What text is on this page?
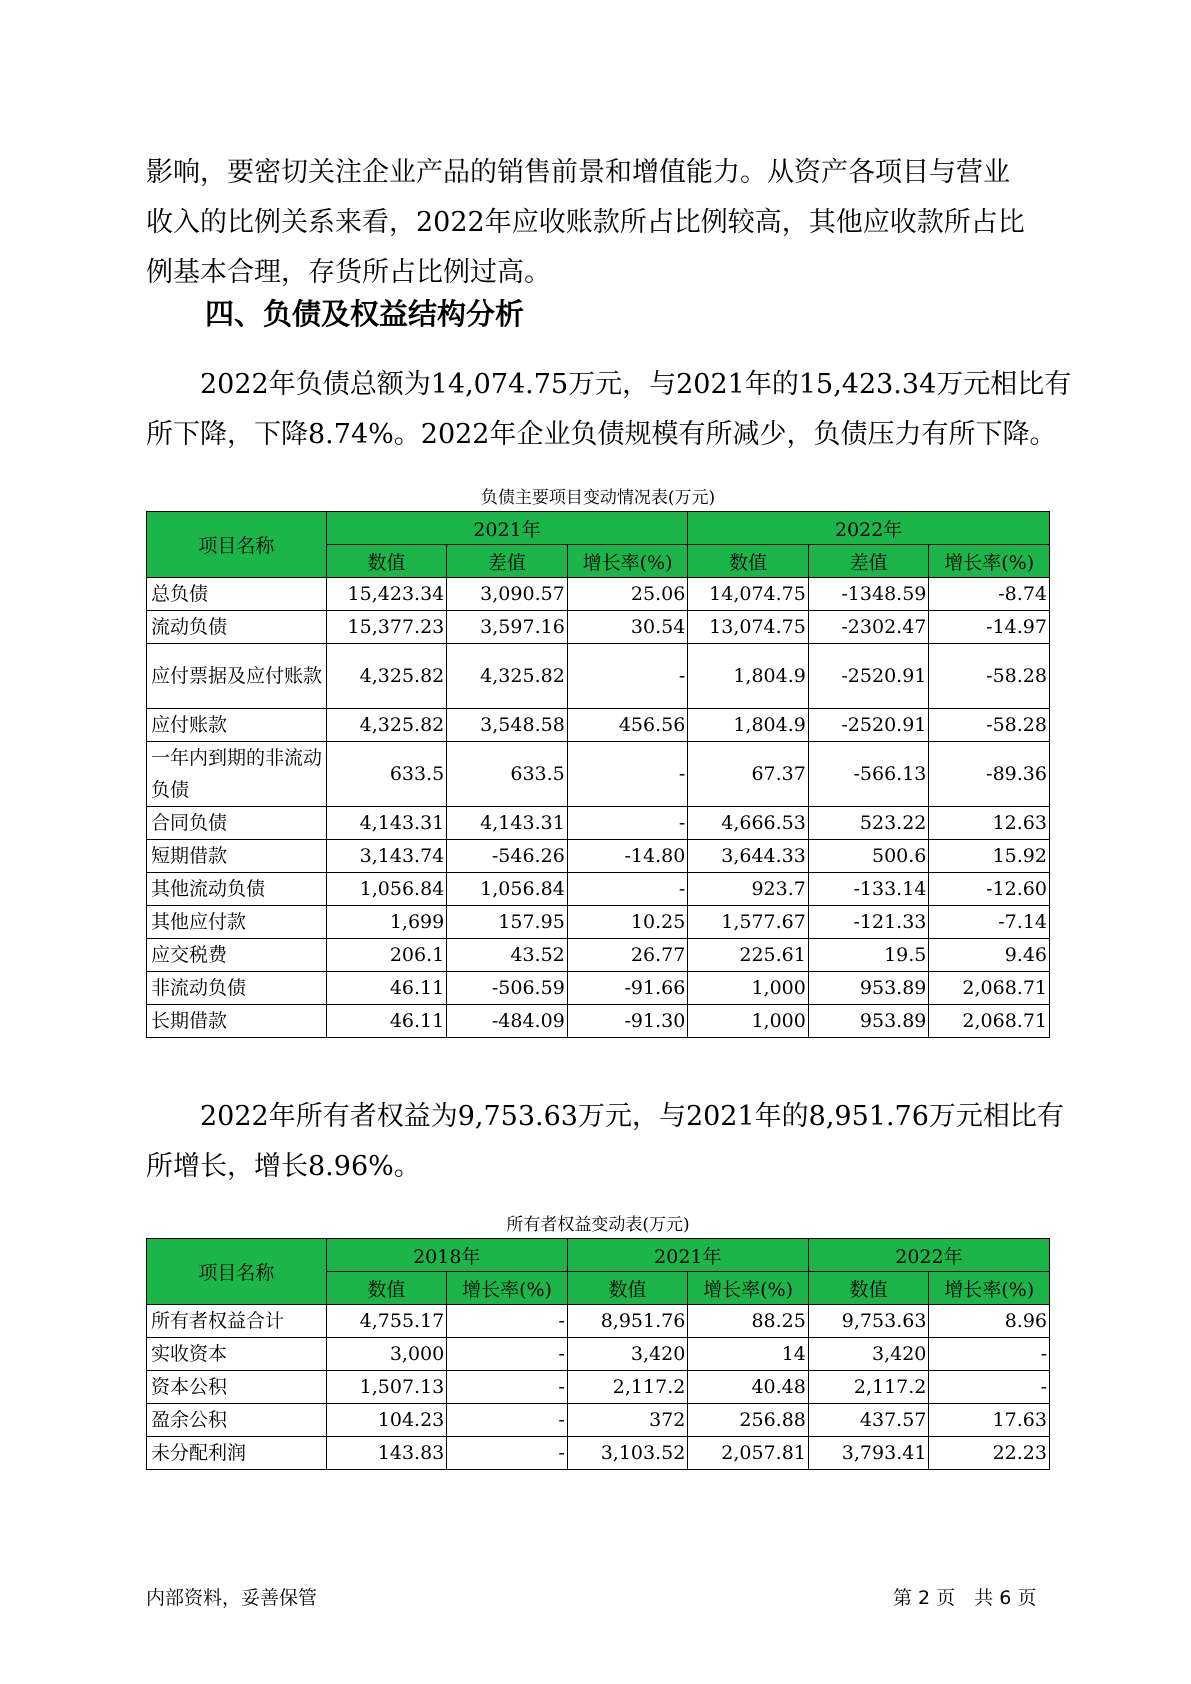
影响，要密切关注企业产品的销售前景和增值能力。从资产各项目与营业
收入的比例关系来看，2022年应收账款所占比例较高，其他应收款所占比
例基本合理，存货所占比例过高。

四、负债及权益结构分析

　　2022年负债总额为14,074.75万元，与2021年的15,423.34万元相比有
所下降，下降8.74%。2022年企业负债规模有所减少，负债压力有所下降。

负债主要项目变动情况表(万元)

项目名称	2021年			2022年		
	数值	差值	增长率(%)	数值	差值	增长率(%)
总负债	15,423.34	3,090.57	25.06	14,074.75	-1348.59	-8.74
流动负债	15,377.23	3,597.16	30.54	13,074.75	-2302.47	-14.97
应付票据及应付账款	4,325.82	4,325.82	-	1,804.9	-2520.91	-58.28
应付账款	4,325.82	3,548.58	456.56	1,804.9	-2520.91	-58.28
一年内到期的非流动负债	633.5	633.5	-	67.37	-566.13	-89.36
合同负债	4,143.31	4,143.31	-	4,666.53	523.22	12.63
短期借款	3,143.74	-546.26	-14.80	3,644.33	500.6	15.92
其他流动负债	1,056.84	1,056.84	-	923.7	-133.14	-12.60
其他应付款	1,699	157.95	10.25	1,577.67	-121.33	-7.14
应交税费	206.1	43.52	26.77	225.61	19.5	9.46
非流动负债	46.11	-506.59	-91.66	1,000	953.89	2,068.71
长期借款	46.11	-484.09	-91.30	1,000	953.89	2,068.71

　　2022年所有者权益为9,753.63万元，与2021年的8,951.76万元相比有
所增长，增长8.96%。

所有者权益变动表(万元)

项目名称	2018年		2021年		2022年	
	数值	增长率(%)	数值	增长率(%)	数值	增长率(%)
所有者权益合计	4,755.17	-	8,951.76	88.25	9,753.63	8.96
实收资本	3,000	-	3,420	14	3,420	-
资本公积	1,507.13	-	2,117.2	40.48	2,117.2	-
盈余公积	104.23	-	372	256.88	437.57	17.63
未分配利润	143.83	-	3,103.52	2,057.81	3,793.41	22.23

内部资料，妥善保管	第 2 页　共 6 页
